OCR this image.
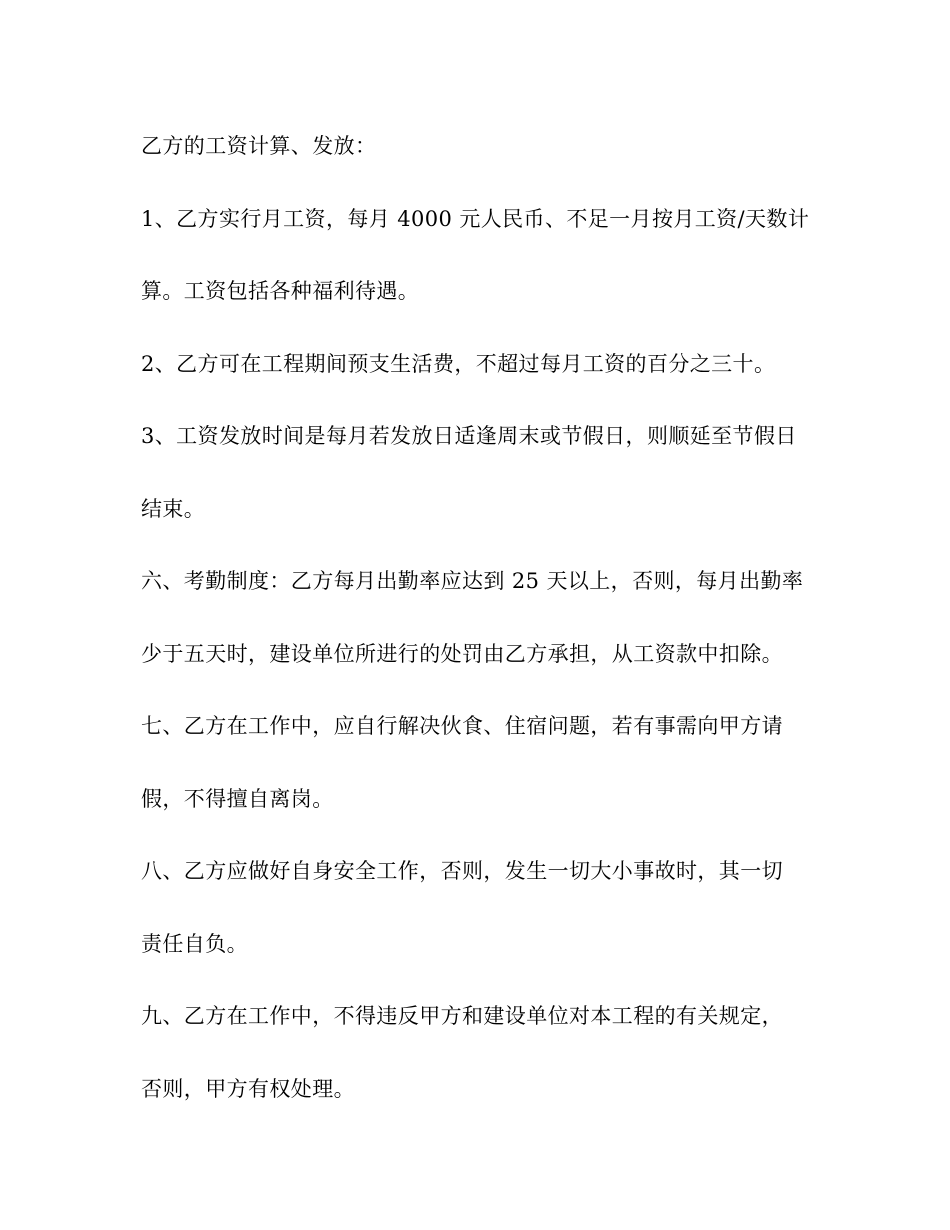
乙方的工资计算、发放：
1、乙方实行月工资，每月 4000 元人民币、不足一月按月工资/天数计
算。工资包括各种福利待遇。
2、乙方可在工程期间预支生活费，不超过每月工资的百分之三十。
3、工资发放时间是每月若发放日适逢周末或节假日，则顺延至节假日
结束。
六、考勤制度：乙方每月出勤率应达到 25 天以上，否则，每月出勤率
少于五天时，建设单位所进行的处罚由乙方承担，从工资款中扣除。
七、乙方在工作中，应自行解决伙食、住宿问题，若有事需向甲方请
假，不得擅自离岗。
八、乙方应做好自身安全工作，否则，发生一切大小事故时，其一切
责任自负。
九、乙方在工作中，不得违反甲方和建设单位对本工程的有关规定，
否则，甲方有权处理。
